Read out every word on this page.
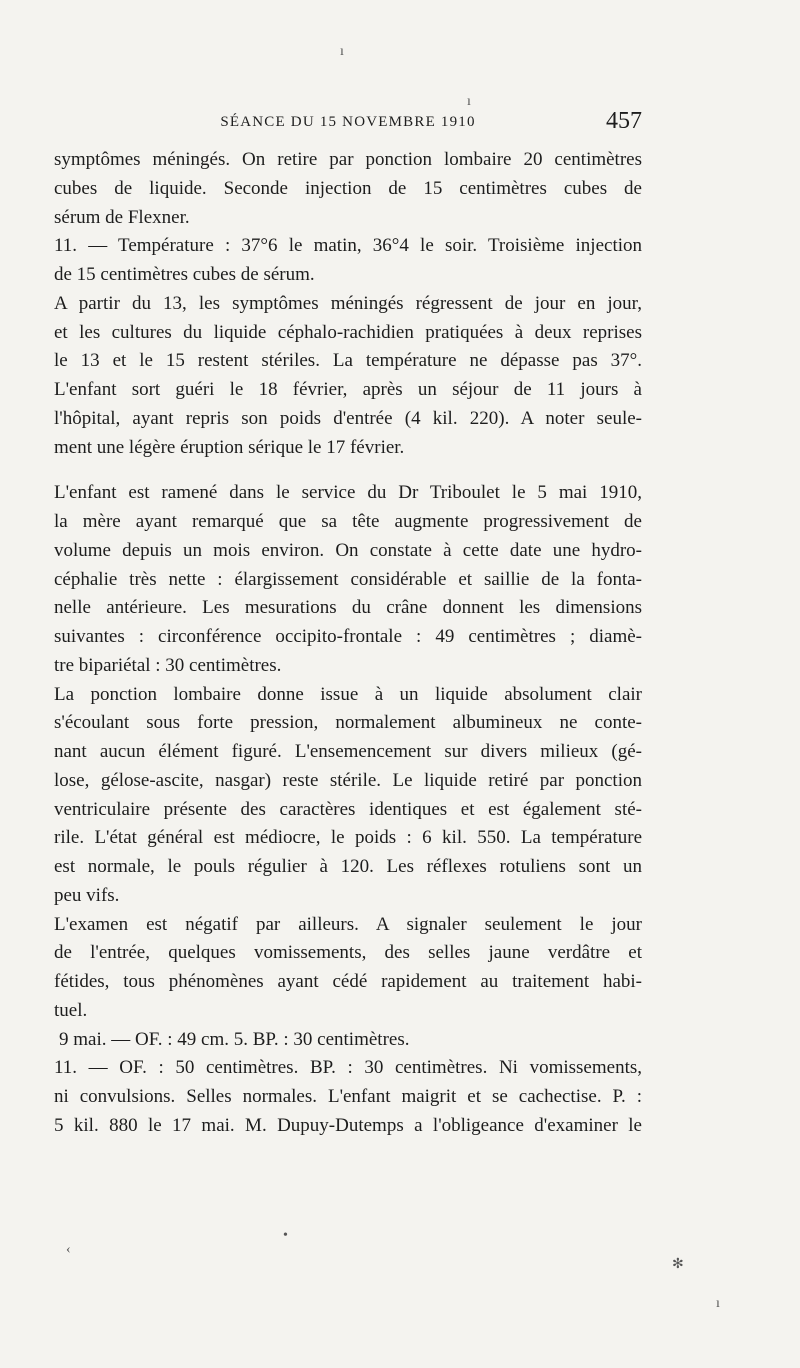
ı
ı
SÉANCE DU 15 NOVEMBRE 1910	457
symptômes méningés. On retire par ponction lombaire 20 centimètres
cubes de liquide. Seconde injection de 15 centimètres cubes de
sérum de Flexner.
11. — Température : 37°6 le matin, 36°4 le soir. Troisième injection
de 15 centimètres cubes de sérum.
A partir du 13, les symptômes méningés régressent de jour en jour,
et les cultures du liquide céphalo-rachidien pratiquées à deux reprises
le 13 et le 15 restent stériles. La température ne dépasse pas 37°.
L'enfant sort guéri le 18 février, après un séjour de 11 jours à
l'hôpital, ayant repris son poids d'entrée (4 kil. 220). A noter seule-
ment une légère éruption sérique le 17 février.
L'enfant est ramené dans le service du Dr Triboulet le 5 mai 1910,
la mère ayant remarqué que sa tête augmente progressivement de
volume depuis un mois environ. On constate à cette date une hydro-
céphalie très nette : élargissement considérable et saillie de la fonta-
nelle antérieure. Les mesurations du crâne donnent les dimensions
suivantes : circonférence occipito-frontale : 49 centimètres ; diamè-
tre bipariétal : 30 centimètres.
La ponction lombaire donne issue à un liquide absolument clair
s'écoulant sous forte pression, normalement albumineux ne conte-
nant aucun élément figuré. L'ensemencement sur divers milieux (gé-
lose, gélose-ascite, nasgar) reste stérile. Le liquide retiré par ponction
ventriculaire présente des caractères identiques et est également sté-
rile. L'état général est médiocre, le poids : 6 kil. 550. La température
est normale, le pouls régulier à 120. Les réflexes rotuliens sont un
peu vifs.
L'examen est négatif par ailleurs. A signaler seulement le jour
de l'entrée, quelques vomissements, des selles jaune verdâtre et
fétides, tous phénomènes ayant cédé rapidement au traitement habi-
tuel.
9 mai. — OF. : 49 cm. 5. BP. : 30 centimètres.
11. — OF. : 50 centimètres. BP. : 30 centimètres. Ni vomissements,
ni convulsions. Selles normales. L'enfant maigrit et se cachectise. P. :
5 kil. 880 le 17 mai. M. Dupuy-Dutemps a l'obligeance d'examiner le
‹
•
✻
ı
